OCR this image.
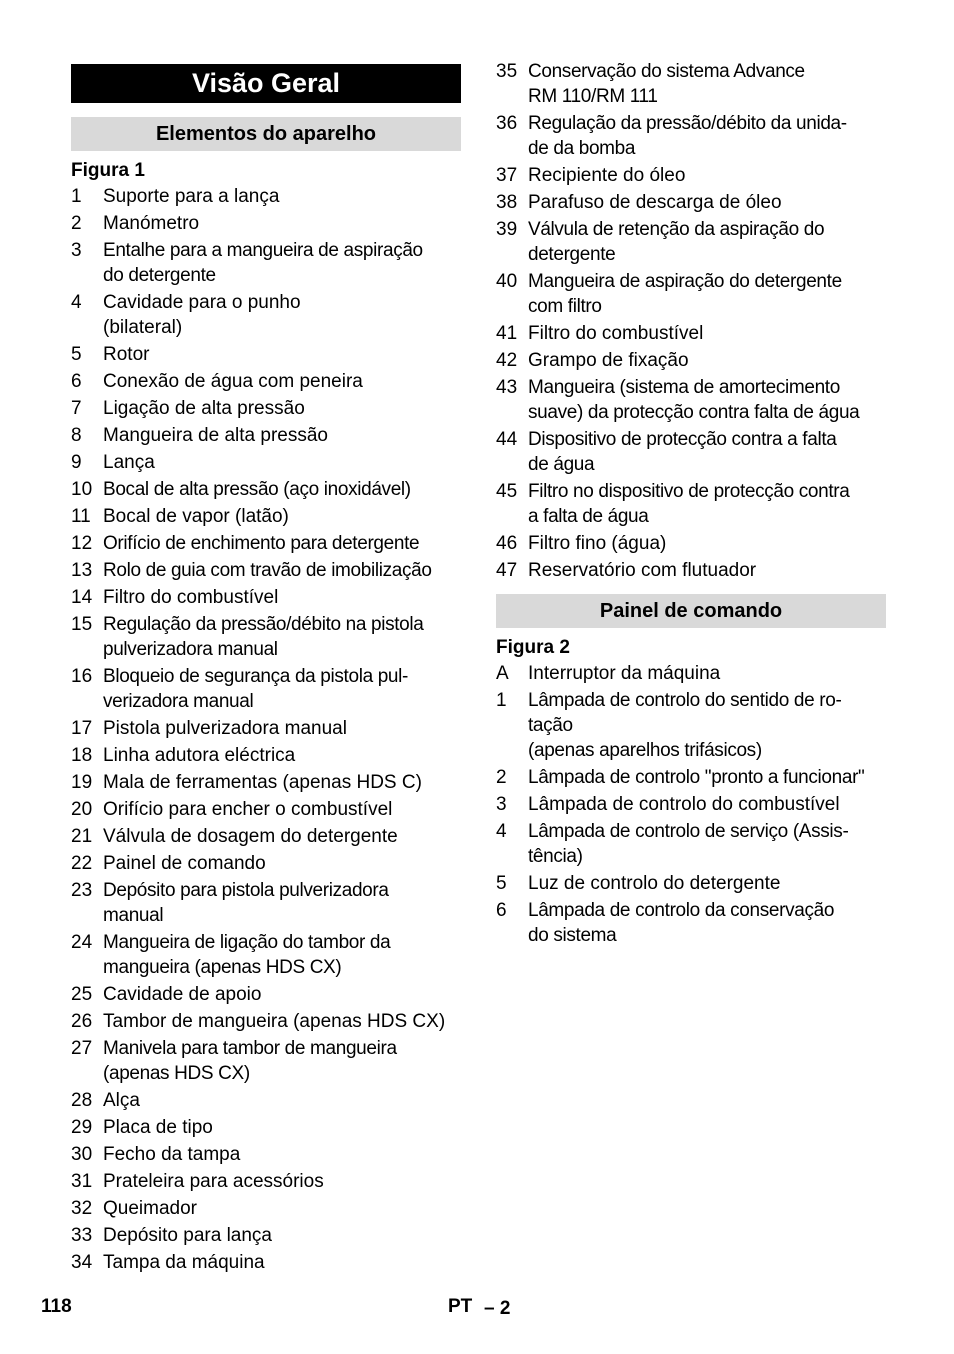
Visão Geral
Elementos do aparelho
Figura 1
1	Suporte para a lança
2	Manómetro
3	Entalhe para a mangueira de aspiração
do detergente
4	Cavidade para o punho
(bilateral)
5	Rotor
6	Conexão de água com peneira
7	Ligação de alta pressão
8	Mangueira de alta pressão
9	Lança
10 Bocal de alta pressão (aço inoxidável)
11 Bocal de vapor (latão)
12 Orifício de enchimento para detergente
13 Rolo de guia com travão de imobilização
14 Filtro do combustível
15 Regulação da pressão/débito na pistola
pulverizadora manual
16 Bloqueio de segurança da pistola pul-
verizadora manual
17 Pistola pulverizadora manual
18 Linha adutora eléctrica
19 Mala de ferramentas (apenas HDS C)
20 Orifício para encher o combustível
21 Válvula de dosagem do detergente
22 Painel de comando
23 Depósito para pistola pulverizadora
manual
24 Mangueira de ligação do tambor da
mangueira (apenas HDS CX)
25 Cavidade de apoio
26 Tambor de mangueira (apenas HDS CX)
27 Manivela para tambor de mangueira
(apenas HDS CX)
28 Alça
29 Placa de tipo
30 Fecho da tampa
31 Prateleira para acessórios
32 Queimador
33 Depósito para lança
34 Tampa da máquina
35 Conservação do sistema Advance
RM 110/RM 111
36 Regulação da pressão/débito da unida-
de da bomba
37 Recipiente do óleo
38 Parafuso de descarga de óleo
39 Válvula de retenção da aspiração do
detergente
40 Mangueira de aspiração do detergente
com filtro
41 Filtro do combustível
42 Grampo de fixação
43 Mangueira (sistema de amortecimento
suave) da protecção contra falta de água
44 Dispositivo de protecção contra a falta
de água
45 Filtro no dispositivo de protecção contra
a falta de água
46 Filtro fino (água)
47 Reservatório com flutuador
Painel de comando
Figura 2
A	Interruptor da máquina
1	Lâmpada de controlo do sentido de ro-
tação
(apenas aparelhos trifásicos)
2	Lâmpada de controlo "pronto a funcionar"
3	Lâmpada de controlo do combustível
4	Lâmpada de controlo de serviço (Assis-
tência)
5	Luz de controlo do detergente
6	Lâmpada de controlo da conservação
do sistema
118	PT – 2
